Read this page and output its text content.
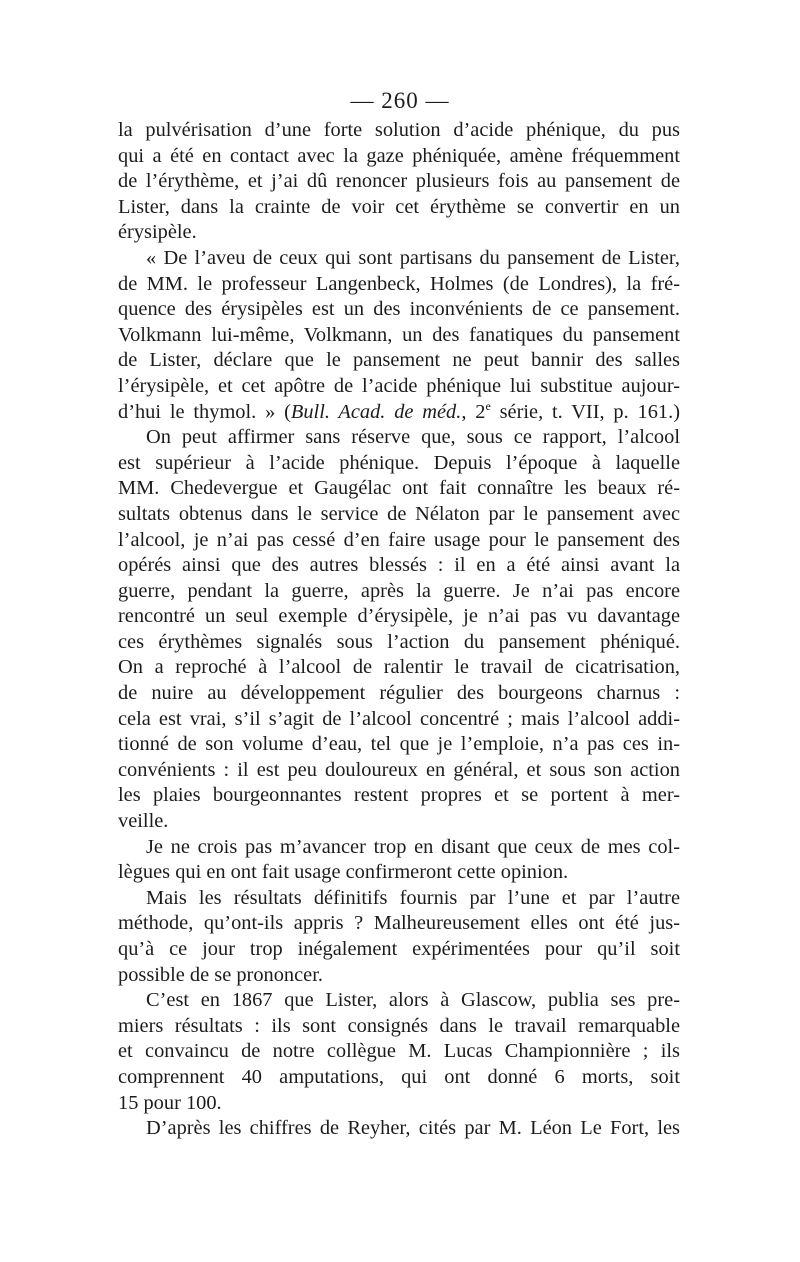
— 260 —
la pulvérisation d’une forte solution d’acide phénique, du pus
qui a été en contact avec la gaze phéniquée, amène fréquemment
de l’érythème, et j’ai dû renoncer plusieurs fois au pansement de
Lister, dans la crainte de voir cet érythème se convertir en un
érysipèle.
« De l’aveu de ceux qui sont partisans du pansement de Lister,
de MM. le professeur Langenbeck, Holmes (de Londres), la fré-
quence des érysipèles est un des inconvénients de ce pansement.
Volkmann lui-même, Volkmann, un des fanatiques du pansement
de Lister, déclare que le pansement ne peut bannir des salles
l’érysipèle, et cet apôtre de l’acide phénique lui substitue aujour-
d’hui le thymol. » (Bull. Acad. de méd., 2e série, t. VII, p. 161.)
On peut affirmer sans réserve que, sous ce rapport, l’alcool
est supérieur à l’acide phénique. Depuis l’époque à laquelle
MM. Chedevergue et Gaugélac ont fait connaître les beaux ré-
sultats obtenus dans le service de Nélaton par le pansement avec
l’alcool, je n’ai pas cessé d’en faire usage pour le pansement des
opérés ainsi que des autres blessés : il en a été ainsi avant la
guerre, pendant la guerre, après la guerre. Je n’ai pas encore
rencontré un seul exemple d’érysipèle, je n’ai pas vu davantage
ces érythèmes signalés sous l’action du pansement phéniqué.
On a reproché à l’alcool de ralentir le travail de cicatrisation,
de nuire au développement régulier des bourgeons charnus :
cela est vrai, s’il s’agit de l’alcool concentré ; mais l’alcool addi-
tionné de son volume d’eau, tel que je l’emploie, n’a pas ces in-
convénients : il est peu douloureux en général, et sous son action
les plaies bourgeonnantes restent propres et se portent à mer-
veille.
Je ne crois pas m’avancer trop en disant que ceux de mes col-
lègues qui en ont fait usage confirmeront cette opinion.
Mais les résultats définitifs fournis par l’une et par l’autre
méthode, qu’ont-ils appris ? Malheureusement elles ont été jus-
qu’à ce jour trop inégalement expérimentées pour qu’il soit
possible de se prononcer.
C’est en 1867 que Lister, alors à Glascow, publia ses pre-
miers résultats : ils sont consignés dans le travail remarquable
et convaincu de notre collègue M. Lucas Championnière ; ils
comprennent 40 amputations, qui ont donné 6 morts, soit
15 pour 100.
D’après les chiffres de Reyher, cités par M. Léon Le Fort, les
